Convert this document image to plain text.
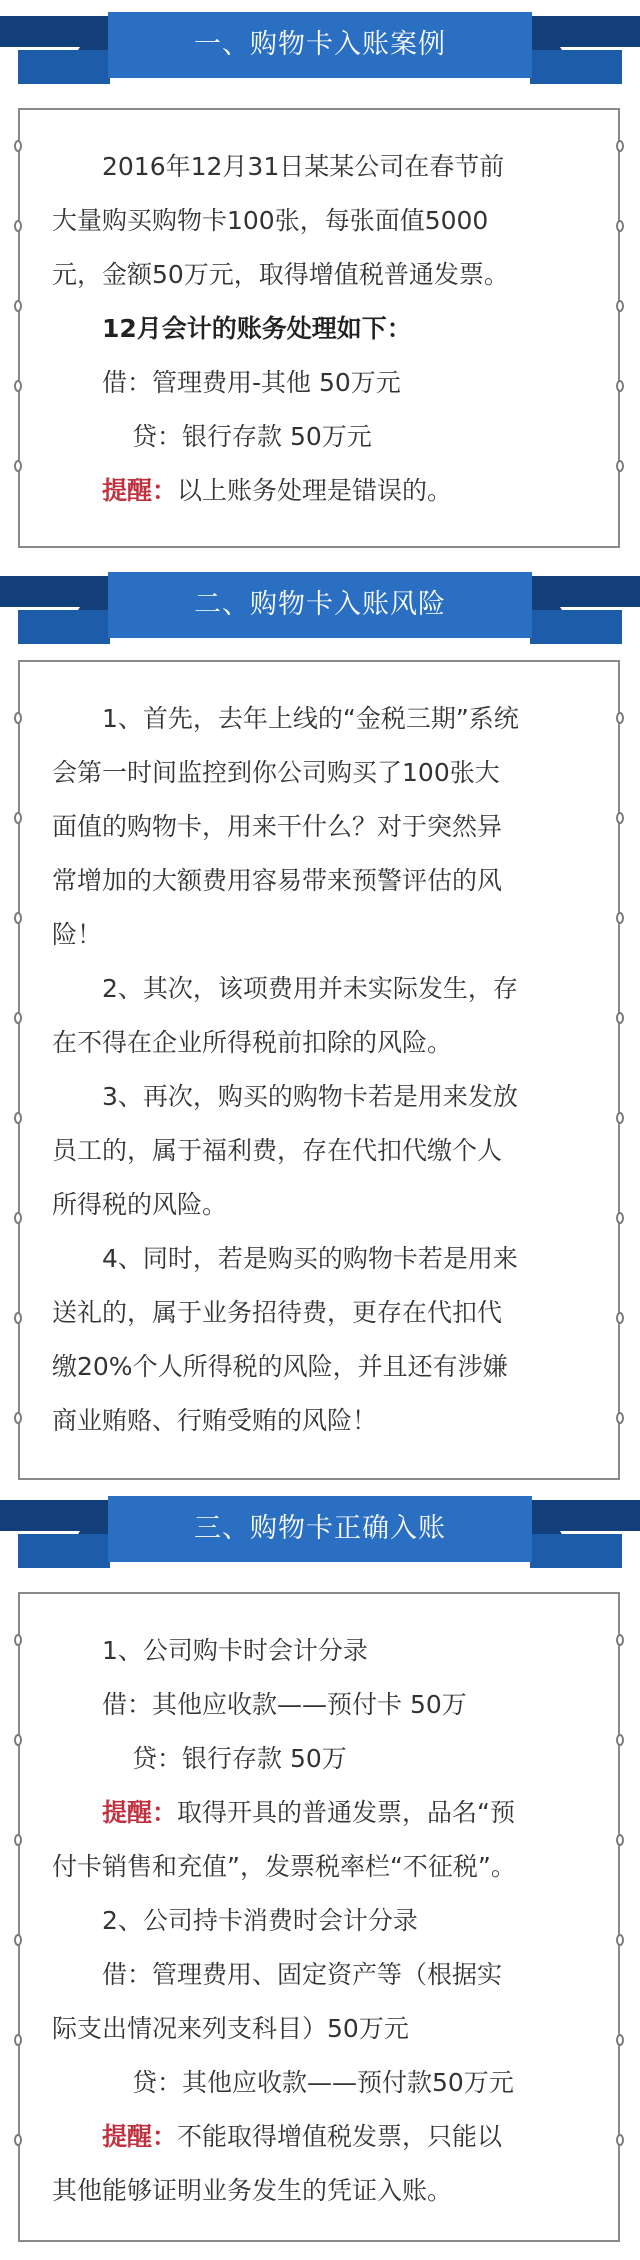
一、购物卡入账案例
2016年12月31日某某公司在春节前
大量购买购物卡100张，每张面值5000
元，金额50万元，取得增值税普通发票。
12月会计的账务处理如下：
借：管理费用-其他 50万元
贷：银行存款 50万元
提醒：以上账务处理是错误的。
二、购物卡入账风险
1、首先，去年上线的“金税三期”系统
会第一时间监控到你公司购买了100张大
面值的购物卡，用来干什么？对于突然异
常增加的大额费用容易带来预警评估的风
险！
2、其次，该项费用并未实际发生，存
在不得在企业所得税前扣除的风险。
3、再次，购买的购物卡若是用来发放
员工的，属于福利费，存在代扣代缴个人
所得税的风险。
4、同时，若是购买的购物卡若是用来
送礼的，属于业务招待费，更存在代扣代
缴20%个人所得税的风险，并且还有涉嫌
商业贿赂、行贿受贿的风险！
三、购物卡正确入账
1、公司购卡时会计分录
借：其他应收款——预付卡 50万
贷：银行存款 50万
提醒：取得开具的普通发票，品名“预
付卡销售和充值”，发票税率栏“不征税”。
2、公司持卡消费时会计分录
借：管理费用、固定资产等（根据实
际支出情况来列支科目）50万元
贷：其他应收款——预付款50万元
提醒：不能取得增值税发票，只能以
其他能够证明业务发生的凭证入账。
